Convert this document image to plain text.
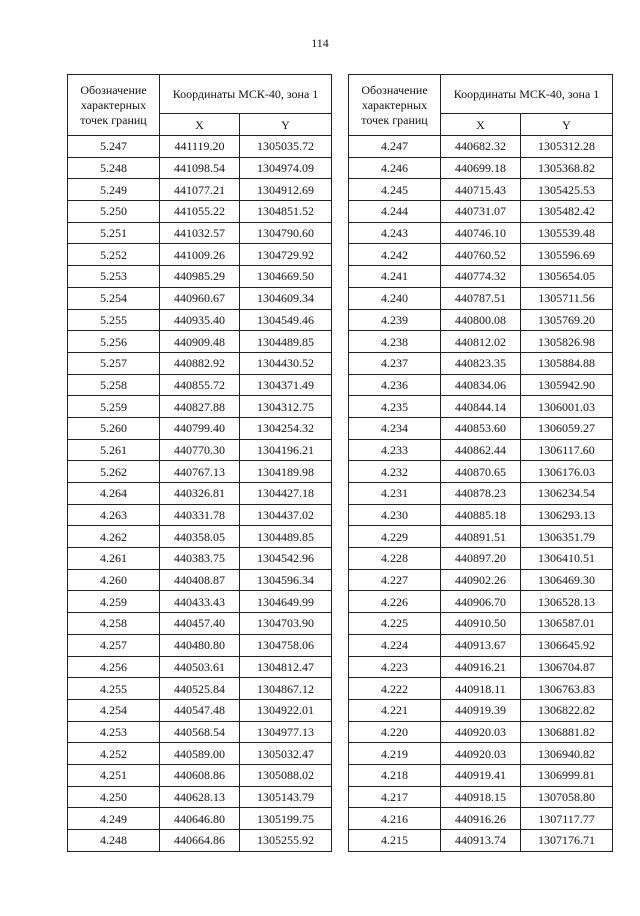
114
Обозначение характерных точек границ	Координаты МСК-40, зона 1	
	X	Y
5.247	441119.20	1305035.72
5.248	441098.54	1304974.09
5.249	441077.21	1304912.69
5.250	441055.22	1304851.52
5.251	441032.57	1304790.60
5.252	441009.26	1304729.92
5.253	440985.29	1304669.50
5.254	440960.67	1304609.34
5.255	440935.40	1304549.46
5.256	440909.48	1304489.85
5.257	440882.92	1304430.52
5.258	440855.72	1304371.49
5.259	440827.88	1304312.75
5.260	440799.40	1304254.32
5.261	440770.30	1304196.21
5.262	440767.13	1304189.98
4.264	440326.81	1304427.18
4.263	440331.78	1304437.02
4.262	440358.05	1304489.85
4.261	440383.75	1304542.96
4.260	440408.87	1304596.34
4.259	440433.43	1304649.99
4.258	440457.40	1304703.90
4.257	440480.80	1304758.06
4.256	440503.61	1304812.47
4.255	440525.84	1304867.12
4.254	440547.48	1304922.01
4.253	440568.54	1304977.13
4.252	440589.00	1305032.47
4.251	440608.86	1305088.02
4.250	440628.13	1305143.79
4.249	440646.80	1305199.75
4.248	440664.86	1305255.92
Обозначение характерных точек границ	Координаты МСК-40, зона 1	
	X	Y
4.247	440682.32	1305312.28
4.246	440699.18	1305368.82
4.245	440715.43	1305425.53
4.244	440731.07	1305482.42
4.243	440746.10	1305539.48
4.242	440760.52	1305596.69
4.241	440774.32	1305654.05
4.240	440787.51	1305711.56
4.239	440800.08	1305769.20
4.238	440812.02	1305826.98
4.237	440823.35	1305884.88
4.236	440834.06	1305942.90
4.235	440844.14	1306001.03
4.234	440853.60	1306059.27
4.233	440862.44	1306117.60
4.232	440870.65	1306176.03
4.231	440878.23	1306234.54
4.230	440885.18	1306293.13
4.229	440891.51	1306351.79
4.228	440897.20	1306410.51
4.227	440902.26	1306469.30
4.226	440906.70	1306528.13
4.225	440910.50	1306587.01
4.224	440913.67	1306645.92
4.223	440916.21	1306704.87
4.222	440918.11	1306763.83
4.221	440919.39	1306822.82
4.220	440920.03	1306881.82
4.219	440920.03	1306940.82
4.218	440919.41	1306999.81
4.217	440918.15	1307058.80
4.216	440916.26	1307117.77
4.215	440913.74	1307176.71
